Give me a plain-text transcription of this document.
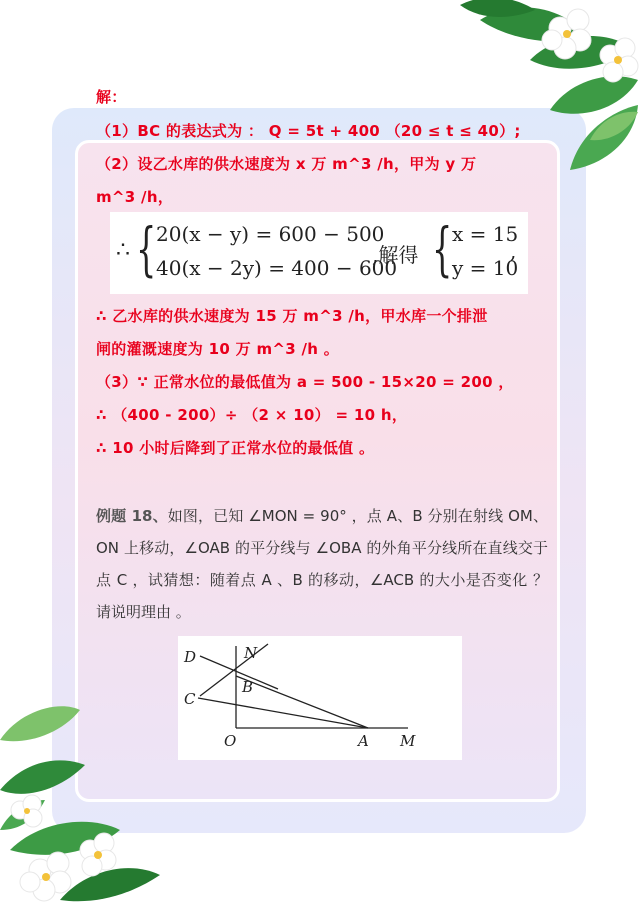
解：
（1）BC 的表达式为 ： Q = 5t + 400 （20 ≤ t ≤ 40）;
（2）设乙水库的供水速度为 x 万 m^3 /h，甲为 y 万
m^3 /h，
∴ { 20(x − y) = 600 − 500
40(x − 2y) = 400 − 600
,解得 { x = 15
y = 10
,
∴ 乙水库的供水速度为 15 万 m^3 /h，甲水库一个排泄
闸的灌溉速度为 10 万 m^3 /h 。
（3）∵ 正常水位的最低值为 a = 500 - 15×20 = 200 ，
∴ （400 - 200）÷ （2 × 10） = 10 h，
∴ 10 小时后降到了正常水位的最低值 。
例题 18、如图，已知 ∠MON = 90° ，点 A、B 分别在射线 OM、ON 上移动，∠OAB 的平分线与 ∠OBA 的外角平分线所在直线交于点 C ，试猜想：随着点 A 、B 的移动，∠ACB 的大小是否变化 ？请说明理由 。
D	N
B
C
O	A M
